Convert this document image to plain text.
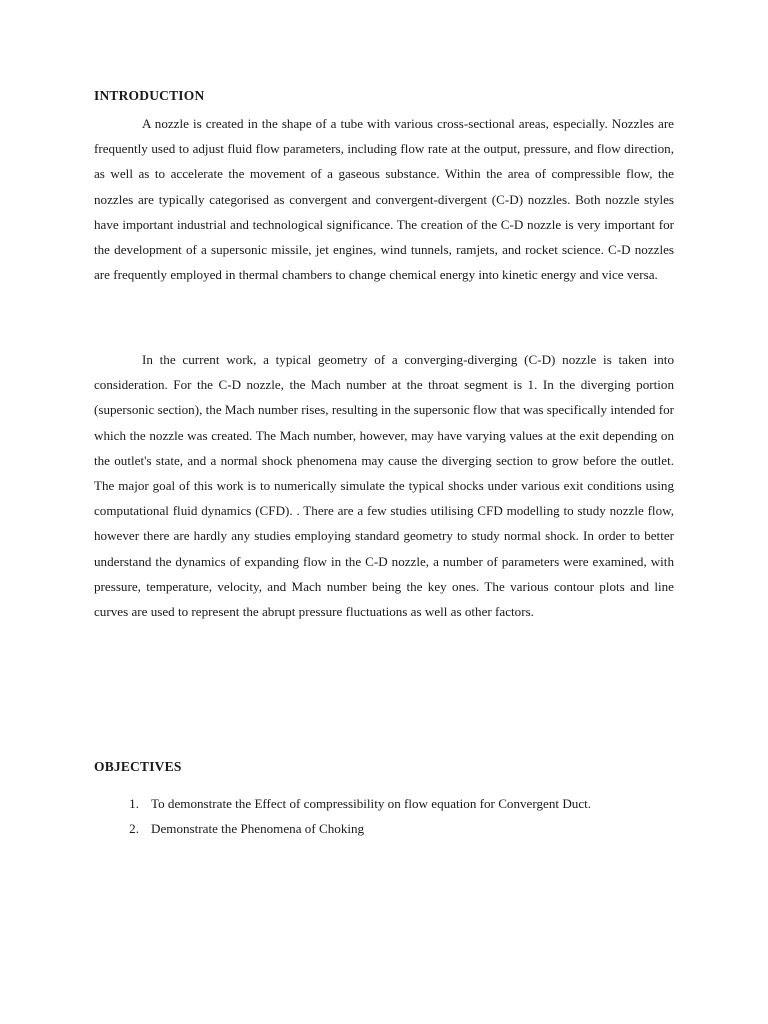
INTRODUCTION

A nozzle is created in the shape of a tube with various cross-sectional areas, especially. Nozzles are frequently used to adjust fluid flow parameters, including flow rate at the output, pressure, and flow direction, as well as to accelerate the movement of a gaseous substance. Within the area of compressible flow, the nozzles are typically categorised as convergent and convergent-divergent (C-D) nozzles. Both nozzle styles have important industrial and technological significance. The creation of the C-D nozzle is very important for the development of a supersonic missile, jet engines, wind tunnels, ramjets, and rocket science. C-D nozzles are frequently employed in thermal chambers to change chemical energy into kinetic energy and vice versa.

In the current work, a typical geometry of a converging-diverging (C-D) nozzle is taken into consideration. For the C-D nozzle, the Mach number at the throat segment is 1. In the diverging portion (supersonic section), the Mach number rises, resulting in the supersonic flow that was specifically intended for which the nozzle was created. The Mach number, however, may have varying values at the exit depending on the outlet's state, and a normal shock phenomena may cause the diverging section to grow before the outlet. The major goal of this work is to numerically simulate the typical shocks under various exit conditions using computational fluid dynamics (CFD). . There are a few studies utilising CFD modelling to study nozzle flow, however there are hardly any studies employing standard geometry to study normal shock. In order to better understand the dynamics of expanding flow in the C-D nozzle, a number of parameters were examined, with pressure, temperature, velocity, and Mach number being the key ones. The various contour plots and line curves are used to represent the abrupt pressure fluctuations as well as other factors.

OBJECTIVES
1. To demonstrate the Effect of compressibility on flow equation for Convergent Duct.
2. Demonstrate the Phenomena of Choking
